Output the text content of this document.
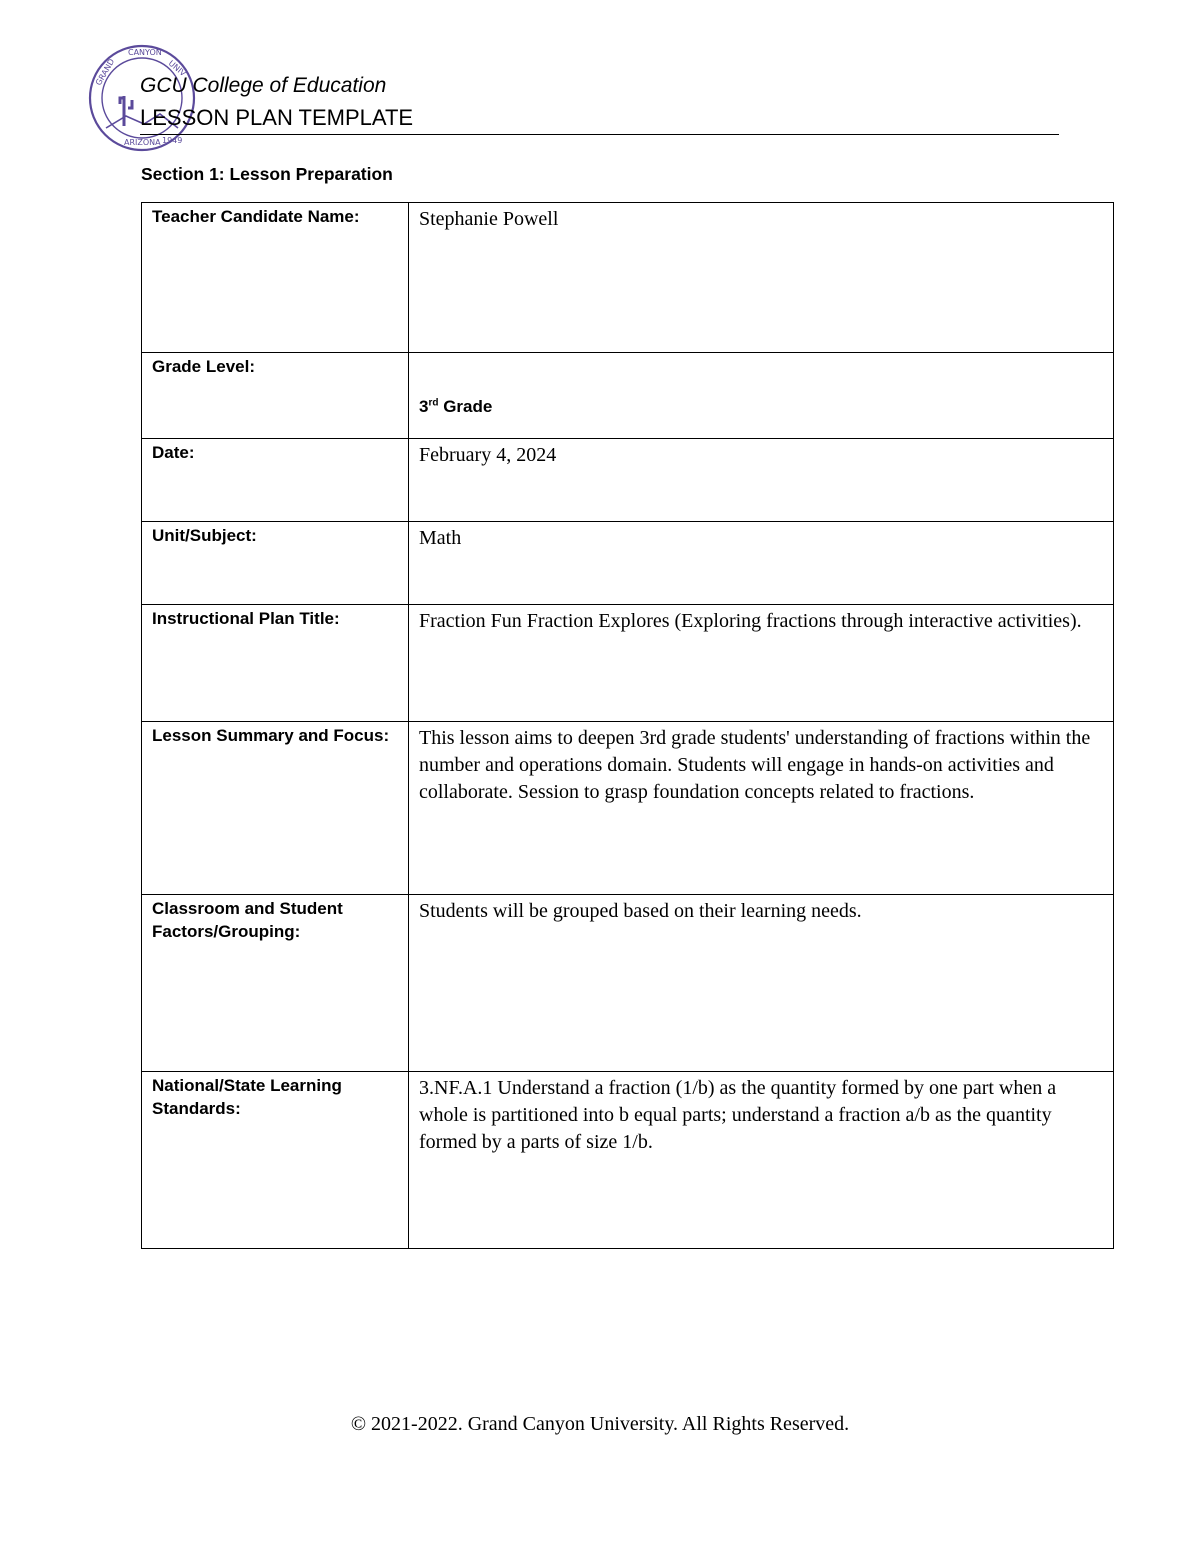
GRAND
CANYON
UNIV
ARIZONA 1949
GCU College of Education
LESSON PLAN TEMPLATE
Section 1: Lesson Preparation
Teacher Candidate Name:	Stephanie Powell
Grade Level:	3rd Grade

Date:	February 4, 2024
Unit/Subject:	Math
Instructional Plan Title:	Fraction Fun Fraction Explores (Exploring fractions through interactive activities).
Lesson Summary and Focus:	This lesson aims to deepen 3rd grade students' understanding of fractions within the number and operations domain. Students will engage in hands-on activities and collaborate. Session to grasp foundation concepts related to fractions.
Classroom and Student Factors/Grouping:	Students will be grouped based on their learning needs.
National/State Learning Standards:	3.NF.A.1 Understand a fraction (1/b) as the quantity formed by one part when a whole is partitioned into b equal parts; understand a fraction a/b as the quantity formed by a parts of size 1/b.
© 2021-2022. Grand Canyon University. All Rights Reserved.
